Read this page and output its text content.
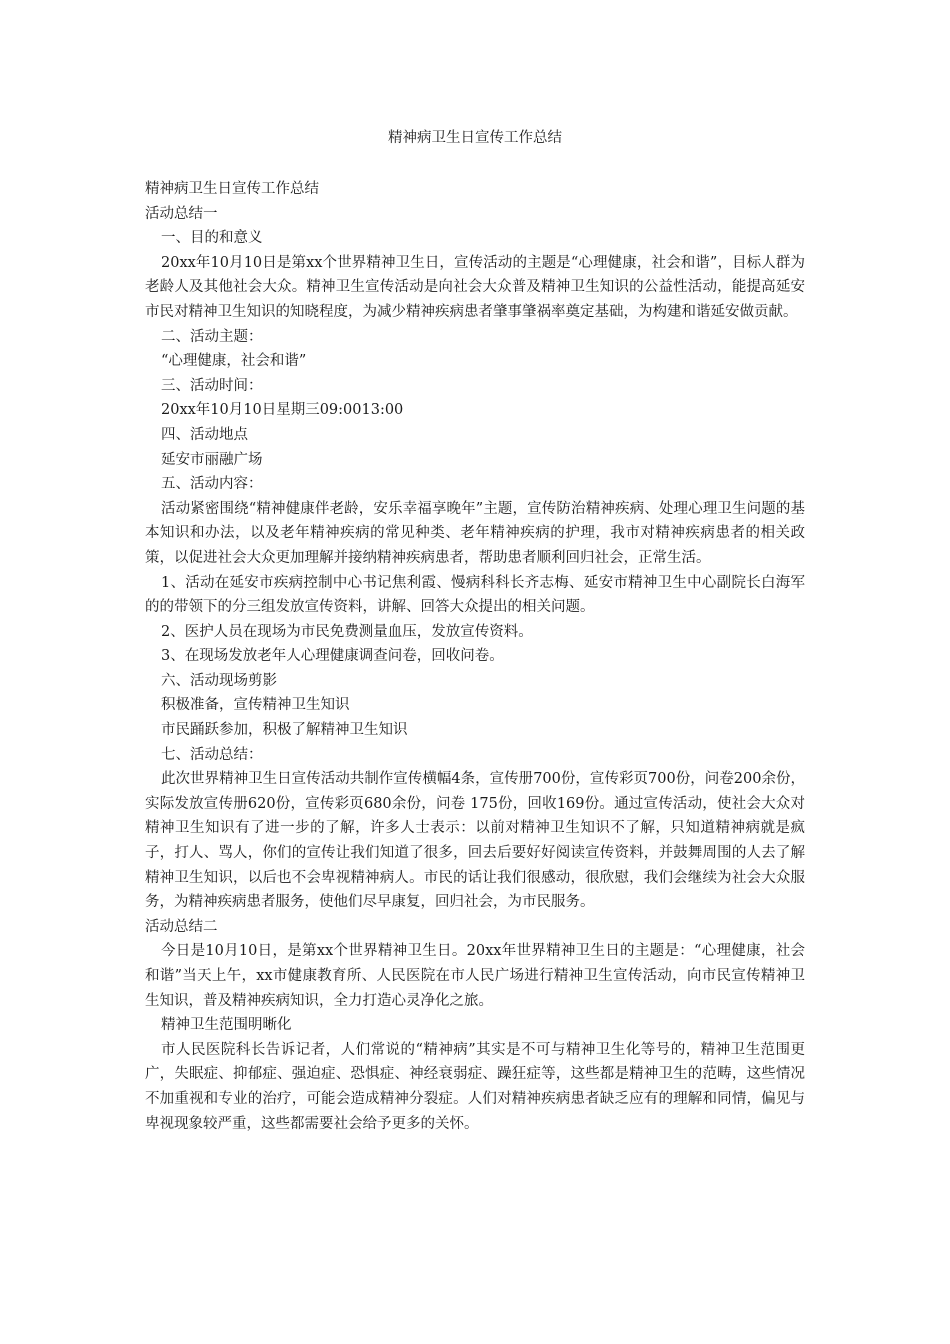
精神病卫生日宣传工作总结

精神病卫生日宣传工作总结

活动总结一

一、目的和意义

20xx年10月10日是第xx个世界精神卫生日，宣传活动的主题是“心理健康，社会和谐”，目标人群为老龄人及其他社会大众。精神卫生宣传活动是向社会大众普及精神卫生知识的公益性活动，能提高延安市民对精神卫生知识的知晓程度，为减少精神疾病患者肇事肇祸率奠定基础，为构建和谐延安做贡献。

二、活动主题：

“心理健康，社会和谐”

三、活动时间：

20xx年10月10日星期三09:0013:00

四、活动地点

延安市丽融广场

五、活动内容：

活动紧密围绕“精神健康伴老龄，安乐幸福享晚年”主题，宣传防治精神疾病、处理心理卫生问题的基本知识和办法，以及老年精神疾病的常见种类、老年精神疾病的护理，我市对精神疾病患者的相关政策，以促进社会大众更加理解并接纳精神疾病患者，帮助患者顺利回归社会，正常生活。

1、活动在延安市疾病控制中心书记焦利霞、慢病科科长齐志梅、延安市精神卫生中心副院长白海军的的带领下的分三组发放宣传资料，讲解、回答大众提出的相关问题。

2、医护人员在现场为市民免费测量血压，发放宣传资料。

3、在现场发放老年人心理健康调查问卷，回收问卷。

六、活动现场剪影

积极准备，宣传精神卫生知识

市民踊跃参加，积极了解精神卫生知识

七、活动总结：

此次世界精神卫生日宣传活动共制作宣传横幅4条，宣传册700份，宣传彩页700份，问卷200余份，实际发放宣传册620份，宣传彩页680余份，问卷 175份，回收169份。通过宣传活动，使社会大众对精神卫生知识有了进一步的了解，许多人士表示：以前对精神卫生知识不了解，只知道精神病就是疯子，打人、骂人，你们的宣传让我们知道了很多，回去后要好好阅读宣传资料，并鼓舞周围的人去了解精神卫生知识，以后也不会卑视精神病人。市民的话让我们很感动，很欣慰，我们会继续为社会大众服务，为精神疾病患者服务，使他们尽早康复，回归社会，为市民服务。

活动总结二

今日是10月10日，是第xx个世界精神卫生日。20xx年世界精神卫生日的主题是：“心理健康，社会和谐”当天上午，xx市健康教育所、人民医院在市人民广场进行精神卫生宣传活动，向市民宣传精神卫生知识，普及精神疾病知识，全力打造心灵净化之旅。

精神卫生范围明晰化

市人民医院科长告诉记者，人们常说的“精神病”其实是不可与精神卫生化等号的，精神卫生范围更广，失眠症、抑郁症、强迫症、恐惧症、神经衰弱症、躁狂症等，这些都是精神卫生的范畴，这些情况不加重视和专业的治疗，可能会造成精神分裂症。人们对精神疾病患者缺乏应有的理解和同情，偏见与卑视现象较严重，这些都需要社会给予更多的关怀。
